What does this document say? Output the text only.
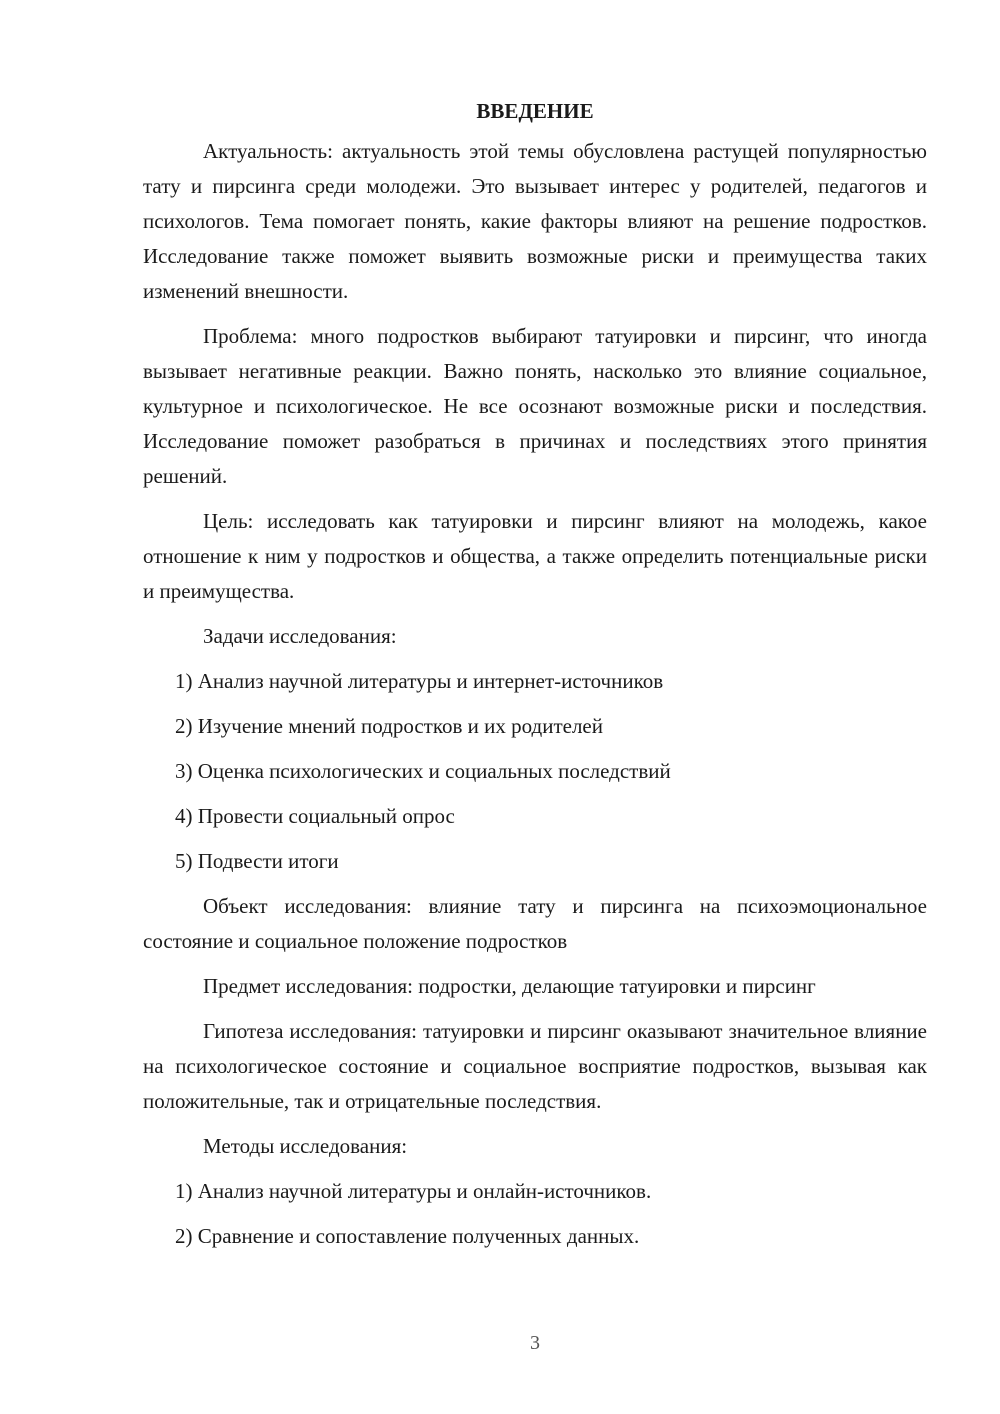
ВВЕДЕНИЕ

Актуальность: актуальность этой темы обусловлена растущей популярностью тату и пирсинга среди молодежи. Это вызывает интерес у родителей, педагогов и психологов. Тема помогает понять, какие факторы влияют на решение подростков. Исследование также поможет выявить возможные риски и преимущества таких изменений внешности.

Проблема: много подростков выбирают татуировки и пирсинг, что иногда вызывает негативные реакции. Важно понять, насколько это влияние социальное, культурное и психологическое. Не все осознают возможные риски и последствия. Исследование поможет разобраться в причинах и последствиях этого принятия решений.

Цель: исследовать как татуировки и пирсинг влияют на молодежь, какое отношение к ним у подростков и общества, а также определить потенциальные риски и преимущества.

Задачи исследования:

1) Анализ научной литературы и интернет-источников
2) Изучение мнений подростков и их родителей
3) Оценка психологических и социальных последствий
4) Провести социальный опрос
5) Подвести итоги

Объект исследования: влияние тату и пирсинга на психоэмоциональное состояние и социальное положение подростков

Предмет исследования: подростки, делающие татуировки и пирсинг

Гипотеза исследования: татуировки и пирсинг оказывают значительное влияние на психологическое состояние и социальное восприятие подростков, вызывая как положительные, так и отрицательные последствия.

Методы исследования:

1) Анализ научной литературы и онлайн-источников.
2) Сравнение и сопоставление полученных данных.
3
